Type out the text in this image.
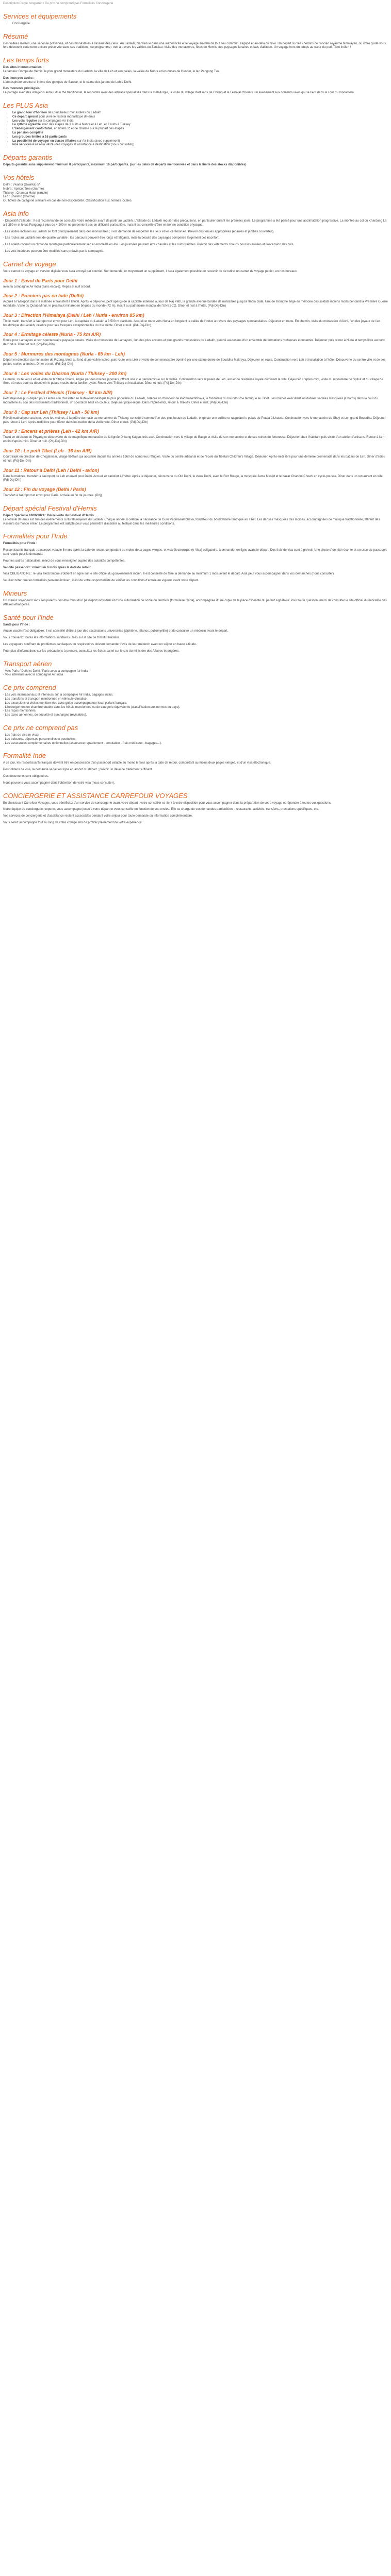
Description Carpe congamet / Ce prix ne comprend pas Formalités Conciergerie
Services et équipements
• Conciergerie
Résumé

Des vallées isolées, une sagesse préservée, et des monastères à l'assaut des cieux. Au Ladakh, bienvenue dans une authenticité et le voyage au-delà de tout lieu commun, l'agapé et au-delà du rêve. Un départ sur les chemins de l'ancien royaume himalayen, où votre guide vous fera découvrir cette terre encore préservée dans ses traditions. Au programme : trek à travers les vallées du Zanskar, visite des monastères, fêtes de Hemis, des paysages lunaires et lacs d'altitude. Un voyage hors du temps au cœur du petit Tibet indien !

Les temps forts

Des sites incontournables :

Le fameux Gompa de Hemis, le plus grand monastère du Ladakh, la ville de Leh et son palais, la vallée de Nubra et les dunes de Hunder, le lac Pangong Tso.

Des lieux peu accès :

L'atmosphère sereine et intime des gompas de Sankar, et le calme des jardins de Leh à Delhi.

Des moments privilégiés :

Le partage avec des villageois autour d'un thé traditionnel, la rencontre avec des artisans spécialisés dans la métallurgie, la visite du village d'artisans de Chiling et le Festival d'Hemis, un événement aux couleurs vives qui se tient dans la cour du monastère.

Les PLUS Asia
• Le grand tour d'horizon des plus beaux monastères du Ladakh
• Ce départ spécial pour vivre le festival monastique d'Hemis
• Les vols régulier sur la compagnie Air India
• Le rythme agréable avec des étapes de 3 nuits à Nubra et à Leh, et 2 nuits à Tikksey
• L'hébergement confortable, en hôtels 3* et de charme sur le plupart des étapes
• La pension complète
• Les groupes limités à 16 participants
• La possibilité de voyager en classe Affaires sur Air India (avec supplément)
• Nos services Asia Asia 24/24 (des voyages et assistance à destination (nous consulter))
Départs garantis

Départs garantis sans supplément minimum 8 participants, maximum 16 participants. (sur les dates de départs mentionnées et dans la limite des stocks disponibles)

Vos hôtels

Delhi : Vivanta (Dwarka) 5*

Nubra : Apricot Tree (charme)

Thiksey : Chamba Hotel (simple)

Leh : Lharimo (charme)

Ou hôtels de catégorie similaire en cas de non-disponibilité. Classification aux normes locales.

Asia info

- Dispositif d'altitude : Il est recommandé de consulter votre médecin avant de partir au Ladakh. L'altitude du Ladakh requiert des précautions, en particulier durant les premiers jours. Le programme a été pensé pour une acclimatation progressive. La montée au col du Khardung La à 5 359 m et le lac Pangong à plus de 4 200 m ne présentent pas de difficulté particulière, mais il est conseillé d'être en bonne condition physique.

- Les visites incluses au Ladakh se font principalement dans des monastères ; il est demandé de respecter les lieux et les cérémonies. Prévoir des tenues appropriées (épaules et jambes couvertes).

- Les routes au Ladakh sont de qualité variable ; les parcours peuvent être longs et fatigants, mais la beauté des paysages compense largement cet inconfort.

- Le Ladakh connaît un climat de montagne particulièrement sec et ensoleillé en été. Les journées peuvent être chaudes et les nuits fraîches. Prévoir des vêtements chauds pour les soirées et l'ascension des cols.

- Les vols intérieurs peuvent être modifiés sans préavis par la compagnie.

Carnet de voyage

Votre carnet de voyage en version digitale vous sera envoyé par courriel. Sur demande, et moyennant un supplément, il sera également possible de recevoir ou de retirer un carnet de voyage papier, en nos bureaux.

Jour 1 : Envol de Paris pour Delhi

avec la compagnie Air India (sans escale). Repas et nuit à bord.

Jour 2 : Premiers pas en Inde (Delhi)

Accueil à l'aéroport dans la matinée et transfert à l'hôtel. Après le déjeuner, petit aperçu de la capitale indienne autour de Raj Path, la grande avenue bordée de ministères jusqu'à l'India Gate, l'arc de triomphe érigé en mémoire des soldats indiens morts pendant la Première Guerre mondiale. Visite du Qutub Minar, le plus haut minaret en briques du monde (72 m), inscrit au patrimoine mondial de l'UNESCO. Dîner et nuit à l'hôtel. (Pdj-Dej-Dîn)

Jour 3 : Direction l'Himalaya (Delhi / Leh / Nurla - environ 85 km)

Tôt le matin, transfert à l'aéroport et envol pour Leh, la capitale du Ladakh à 3 500 m d'altitude. Accueil et route vers Nurla en longeant la vallée de l'Indus à travers des paysages spectaculaires. Déjeuner en route. En chemin, visite du monastère d'Alchi, l'un des joyaux de l'art bouddhique du Ladakh, célèbre pour ses fresques exceptionnelles du XIe siècle. Dîner et nuit. (Pdj-Dej-Dîn)

Jour 4 : Ermitage céleste (Nurla - 75 km A/R)

Route pour Lamayuru et son spectaculaire paysage lunaire. Visite du monastère de Lamayuru, l'un des plus anciens et plus grands monastères du Ladakh, perché au-dessus d'un ensemble de formations rocheuses étonnantes. Déjeuner puis retour à Nurla et temps libre au bord de l'Indus. Dîner et nuit. (Pdj-Dej-Dîn)

Jour 5 : Murmures des montagnes (Nurla - 65 km - Leh)

Départ en direction du monastère de Rizong, blotti au fond d'une vallée isolée, puis route vers Likir et visite de son monastère dominé par une statue dorée de Bouddha Maitreya. Déjeuner en route. Continuation vers Leh et installation à l'hôtel. Découverte du centre-ville et de ses petites ruelles animées. Dîner et nuit. (Pdj-Dej-Dîn)

Jour 6 : Les voiles du Dharma (Nurla / Thiksey - 200 km)

Le matin, route vers Leh et visite de la Stupa Shanti, érigée par des moines japonais, offrant une vue panoramique sur la vallée. Continuation vers le palais de Leh, ancienne résidence royale dominant la ville. Déjeuner. L'après-midi, visite du monastère de Spituk et du village de Stok, où vous pourrez découvrir le palais-musée de la famille royale. Route vers Thiksey et installation. Dîner et nuit. (Pdj-Dej-Dîn)

Jour 7 : Le Festival d'Hemis (Thiksey - 82 km A/R)

Petit déjeuner puis départ pour Hemis afin d'assister au festival monastique le plus populaire du Ladakh, célébré en l'honneur de Padmasambhava, le fondateur du bouddhisme tantrique au Tibet. Les moines exécutent les danses sacrées masquées (Chams) dans la cour du monastère au son des instruments traditionnels, un spectacle haut en couleur. Déjeuner pique-nique. Dans l'après-midi, retour à Thiksey. Dîner et nuit. (Pdj-Dej-Dîn)

Jour 8 : Cap sur Leh (Thiksey / Leh - 50 km)

Réveil matinal pour assister, avec les moines, à la prière du matin au monastère de Thiksey, considéré comme l'un des plus beaux du Ladakh, érigé sur une colline et rappelant le palais du Potala à Lhassa. Continuation vers le monastère de Shey et son grand Bouddha. Déjeuner puis retour à Leh. Après-midi libre pour flâner dans les ruelles de la vieille ville. Dîner et nuit. (Pdj-Dej-Dîn)

Jour 9 : Encens et prières (Leh - 42 km A/R)

Trajet en direction de Phyang et découverte de ce magnifique monastère de la lignée Drikung Kagyu, très actif. Continuation vers le village de Basgo et visite de son monastère et de ses ruines de forteresse. Déjeuner chez l'habitant puis visite d'un atelier d'artisans. Retour à Leh en fin d'après-midi. Dîner et nuit. (Pdj-Dej-Dîn)

Jour 10 : Le petit Tibet (Leh - 16 km A/R)

Court trajet en direction de Choglamsar, village tibétain qui accueille depuis les années 1960 de nombreux réfugiés. Visite du centre artisanal et de l'école du Tibetan Children's Village. Déjeuner. Après-midi libre pour une dernière promenade dans les bazars de Leh. Dîner d'adieu et nuit. (Pdj-Dej-Dîn)

Jour 11 : Retour à Delhi (Leh / Delhi - avion)

Dans la matinée, transfert à l'aéroport de Leh et envol pour Delhi. Accueil et transfert à l'hôtel. Après le déjeuner, découverte du Old Delhi, le vieux Delhi, avec le Fort Rouge, la mosquée Jama Masjid et le bazar Chandni Chowk en cyclo-pousse. Dîner dans un restaurant en ville. (Pdj-Dej-Dîn)

Jour 12 : Fin du voyage (Delhi / Paris)

Transfert à l'aéroport et envol pour Paris. Arrivée en fin de journée. (Pdj)

Départ spécial Festival d'Hemis

Départ Spécial le 18/06/2024 : Découverte du Festival d'Hemis

Le festival d'Hemis est l'un des événements culturels majeurs du Ladakh. Chaque année, il célèbre la naissance de Guru Padmasambhava, fondateur du bouddhisme tantrique au Tibet. Les danses masquées des moines, accompagnées de musique traditionnelle, attirent des visiteurs du monde entier. Le programme est adapté pour vous permettre d'assister au festival dans les meilleures conditions.

Formalités pour l'Inde

Formalités pour l'Inde :

Ressortissants français : passeport valable 6 mois après la date de retour, comportant au moins deux pages vierges, et visa électronique (e-Visa) obligatoire, à demander en ligne avant le départ. Des frais de visa sont à prévoir. Une photo d'identité récente et un scan du passeport sont requis pour la demande.

Pour les autres nationalités, merci de vous renseigner auprès des autorités compétentes.

Validité passeport : minimum 6 mois après la date de retour.

Visa OBLIGATOIRE : le visa électronique s'obtient en ligne sur le site officiel du gouvernement indien. Il est conseillé de faire la demande au minimum 1 mois avant le départ. Asia peut vous accompagner dans vos démarches (nous consulter).

Veuillez noter que les formalités peuvent évoluer ; il est de votre responsabilité de vérifier les conditions d'entrée en vigueur avant votre départ.

Mineurs

Un mineur voyageant sans ses parents doit être muni d'un passeport individuel et d'une autorisation de sortie du territoire (formulaire Cerfa), accompagnée d'une copie de la pièce d'identité du parent signataire. Pour toute question, merci de consulter le site officiel du ministère des Affaires étrangères.

Santé pour l'Inde

Santé pour l'Inde :

Aucun vaccin n'est obligatoire. Il est conseillé d'être à jour des vaccinations universelles (diphtérie, tétanos, poliomyélite) et de consulter un médecin avant le départ.

Vous trouverez toutes les informations sanitaires utiles sur le site de l'Institut Pasteur.

Les voyageurs souffrant de problèmes cardiaques ou respiratoires doivent demander l'avis de leur médecin avant un séjour en haute altitude.

Pour plus d'informations sur les précautions à prendre, consultez les fiches santé sur le site du ministère des Affaires étrangères.

Transport aérien

- Vols Paris / Delhi et Delhi / Paris avec la compagnie Air India

- Vols intérieurs avec la compagnie Air India

Ce prix comprend

- Les vols internationaux et intérieurs sur la compagnie Air India, bagages inclus.

- Les transferts et transport mentionnés en véhicule climatisé.

- Les excursions et visites mentionnées avec guide accompagnateur local parlant français.

- L'hébergement en chambre double dans les hôtels mentionnés ou de catégorie équivalente (classification aux normes du pays).

- Les repas mentionnés.

- Les taxes aériennes, de sécurité et surcharges (révisables).

Ce prix ne comprend pas

- Les frais de visa (e-visa).

- Les boissons, dépenses personnelles et pourboires.

- Les assurances complémentaires optionnelles (assurance rapatriement - annulation - frais médicaux - bagages...).

Formalité Inde

A ce jour, les ressortissants français doivent être en possession d'un passeport valable au moins 6 mois après la date de retour, comportant au moins deux pages vierges, et d'un visa électronique.

Pour obtenir ce visa, la demande se fait en ligne en amont du départ ; prévoir un délai de traitement suffisant.

Ces documents sont obligatoires.

Nous pouvons vous accompagner dans l'obtention de votre visa (nous consulter).

CONCIERGERIE ET ASSISTANCE CARREFOUR VOYAGES

En choisissant Carrefour Voyages, vous bénéficiez d'un service de conciergerie avant votre départ : votre conseiller se tient à votre disposition pour vous accompagner dans la préparation de votre voyage et répondre à toutes vos questions.

Notre équipe de conciergerie, experte, vous accompagne jusqu'à votre départ et vous conseille en fonction de vos envies. Elle se charge de vos demandes particulières : restaurants, activités, transferts, prestations spécifiques, etc.

Vos services de conciergerie et d'assistance restent accessibles pendant votre séjour pour toute demande ou information complémentaire.

Vous serez accompagné tout au long de votre voyage afin de profiter pleinement de votre expérience.
